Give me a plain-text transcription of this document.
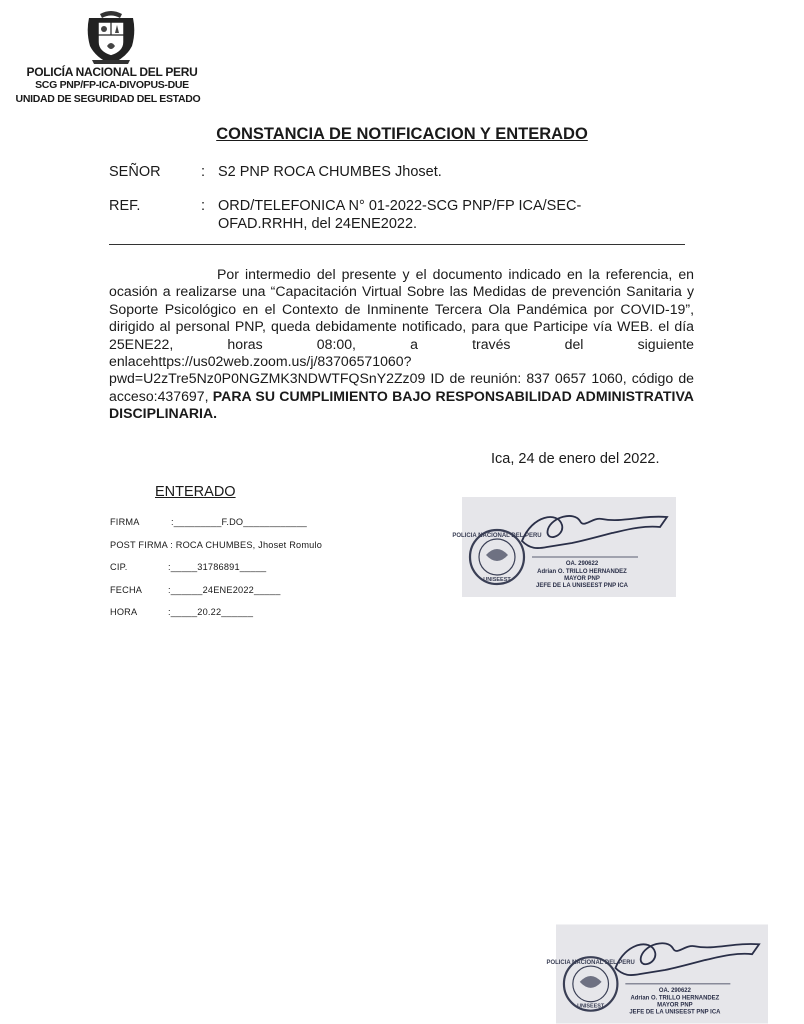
POLICÍA NACIONAL DEL PERU
SCG PNP/FP-ICA-DIVOPUS-DUE
UNIDAD DE SEGURIDAD DEL ESTADO
CONSTANCIA DE NOTIFICACION Y ENTERADO
SEÑOR	: S2 PNP ROCA CHUMBES Jhoset.
REF.	: ORD/TELEFONICA N° 01-2022-SCG PNP/FP ICA/SEC-
OFAD.RRHH, del 24ENE2022.
Por intermedio del presente y el documento indicado en la referencia, en ocasión a realizarse una “Capacitación Virtual Sobre las Medidas de prevención Sanitaria y Soporte Psicológico en el Contexto de Inminente Tercera Ola Pandémica por COVID-19”, dirigido al personal PNP, queda debidamente notificado, para que Participe vía WEB. el día 25ENE22, horas 08:00, a través del siguiente enlacehttps://us02web.zoom.us/j/83706571060?pwd=U2zTre5Nz0P0NGZMK3NDWTFQSnY2Zz09 ID de reunión: 837 0657 1060, código de acceso:437697, PARA SU CUMPLIMIENTO BAJO RESPONSABILIDAD ADMINISTRATIVA DISCIPLINARIA.
Ica, 24 de enero del 2022.
ENTERADO
FIRMA	:_________F.DO____________
POST FIRMA : ROCA CHUMBES, Jhoset Romulo
CIP.	:_____31786891_____
FECHA	:______24ENE2022_____
HORA	:_____20.22______
POLICIA NACIONAL DEL PERU
UNISEEST
OA. 290622
Adrian O. TRILLO HERNANDEZ
MAYOR PNP
JEFE DE LA UNISEEST PNP ICA
POLICIA NACIONAL DEL PERU
UNISEEST
OA. 290622
Adrian O. TRILLO HERNANDEZ
MAYOR PNP
JEFE DE LA UNISEEST PNP ICA
